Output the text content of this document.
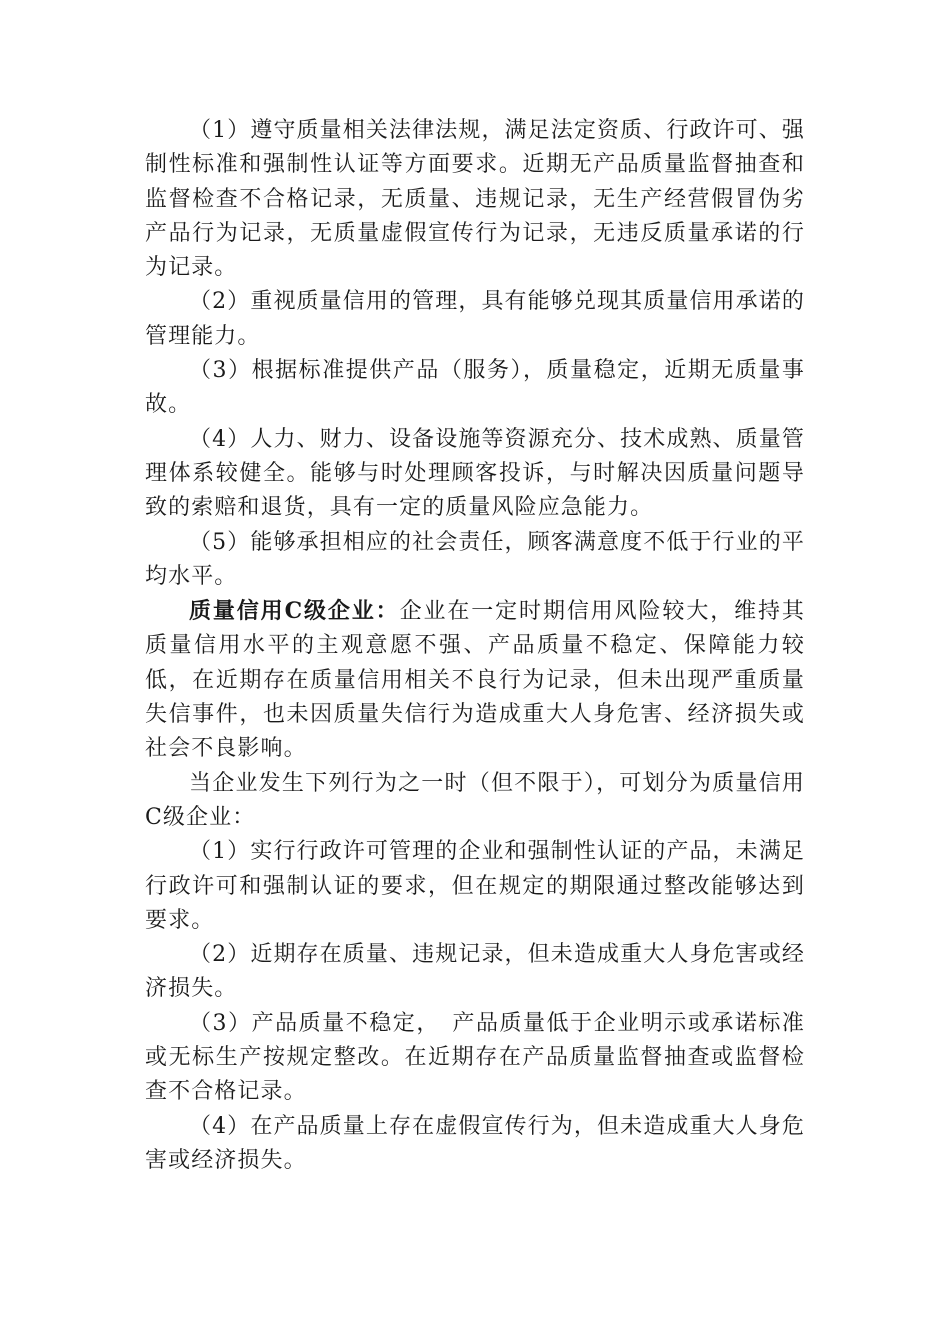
（1）遵守质量相关法律法规，满足法定资质、行政许可、强制性标准和强制性认证等方面要求。近期无产品质量监督抽查和监督检查不合格记录，无质量、违规记录，无生产经营假冒伪劣产品行为记录，无质量虚假宣传行为记录，无违反质量承诺的行为记录。

（2）重视质量信用的管理，具有能够兑现其质量信用承诺的管理能力。

（3）根据标准提供产品（服务），质量稳定，近期无质量事故。

（4）人力、财力、设备设施等资源充分、技术成熟、质量管理体系较健全。能够与时处理顾客投诉，与时解决因质量问题导致的索赔和退货，具有一定的质量风险应急能力。

（5）能够承担相应的社会责任，顾客满意度不低于行业的平均水平。

质量信用C级企业：企业在一定时期信用风险较大，维持其质量信用水平的主观意愿不强、产品质量不稳定、保障能力较低，在近期存在质量信用相关不良行为记录，但未出现严重质量失信事件，也未因质量失信行为造成重大人身危害、经济损失或社会不良影响。

当企业发生下列行为之一时（但不限于），可划分为质量信用C级企业：

（1）实行行政许可管理的企业和强制性认证的产品，未满足行政许可和强制认证的要求，但在规定的期限通过整改能够达到要求。

（2）近期存在质量、违规记录，但未造成重大人身危害或经济损失。

（3）产品质量不稳定，　产品质量低于企业明示或承诺标准或无标生产按规定整改。在近期存在产品质量监督抽查或监督检查不合格记录。

（4）在产品质量上存在虚假宣传行为，但未造成重大人身危害或经济损失。
